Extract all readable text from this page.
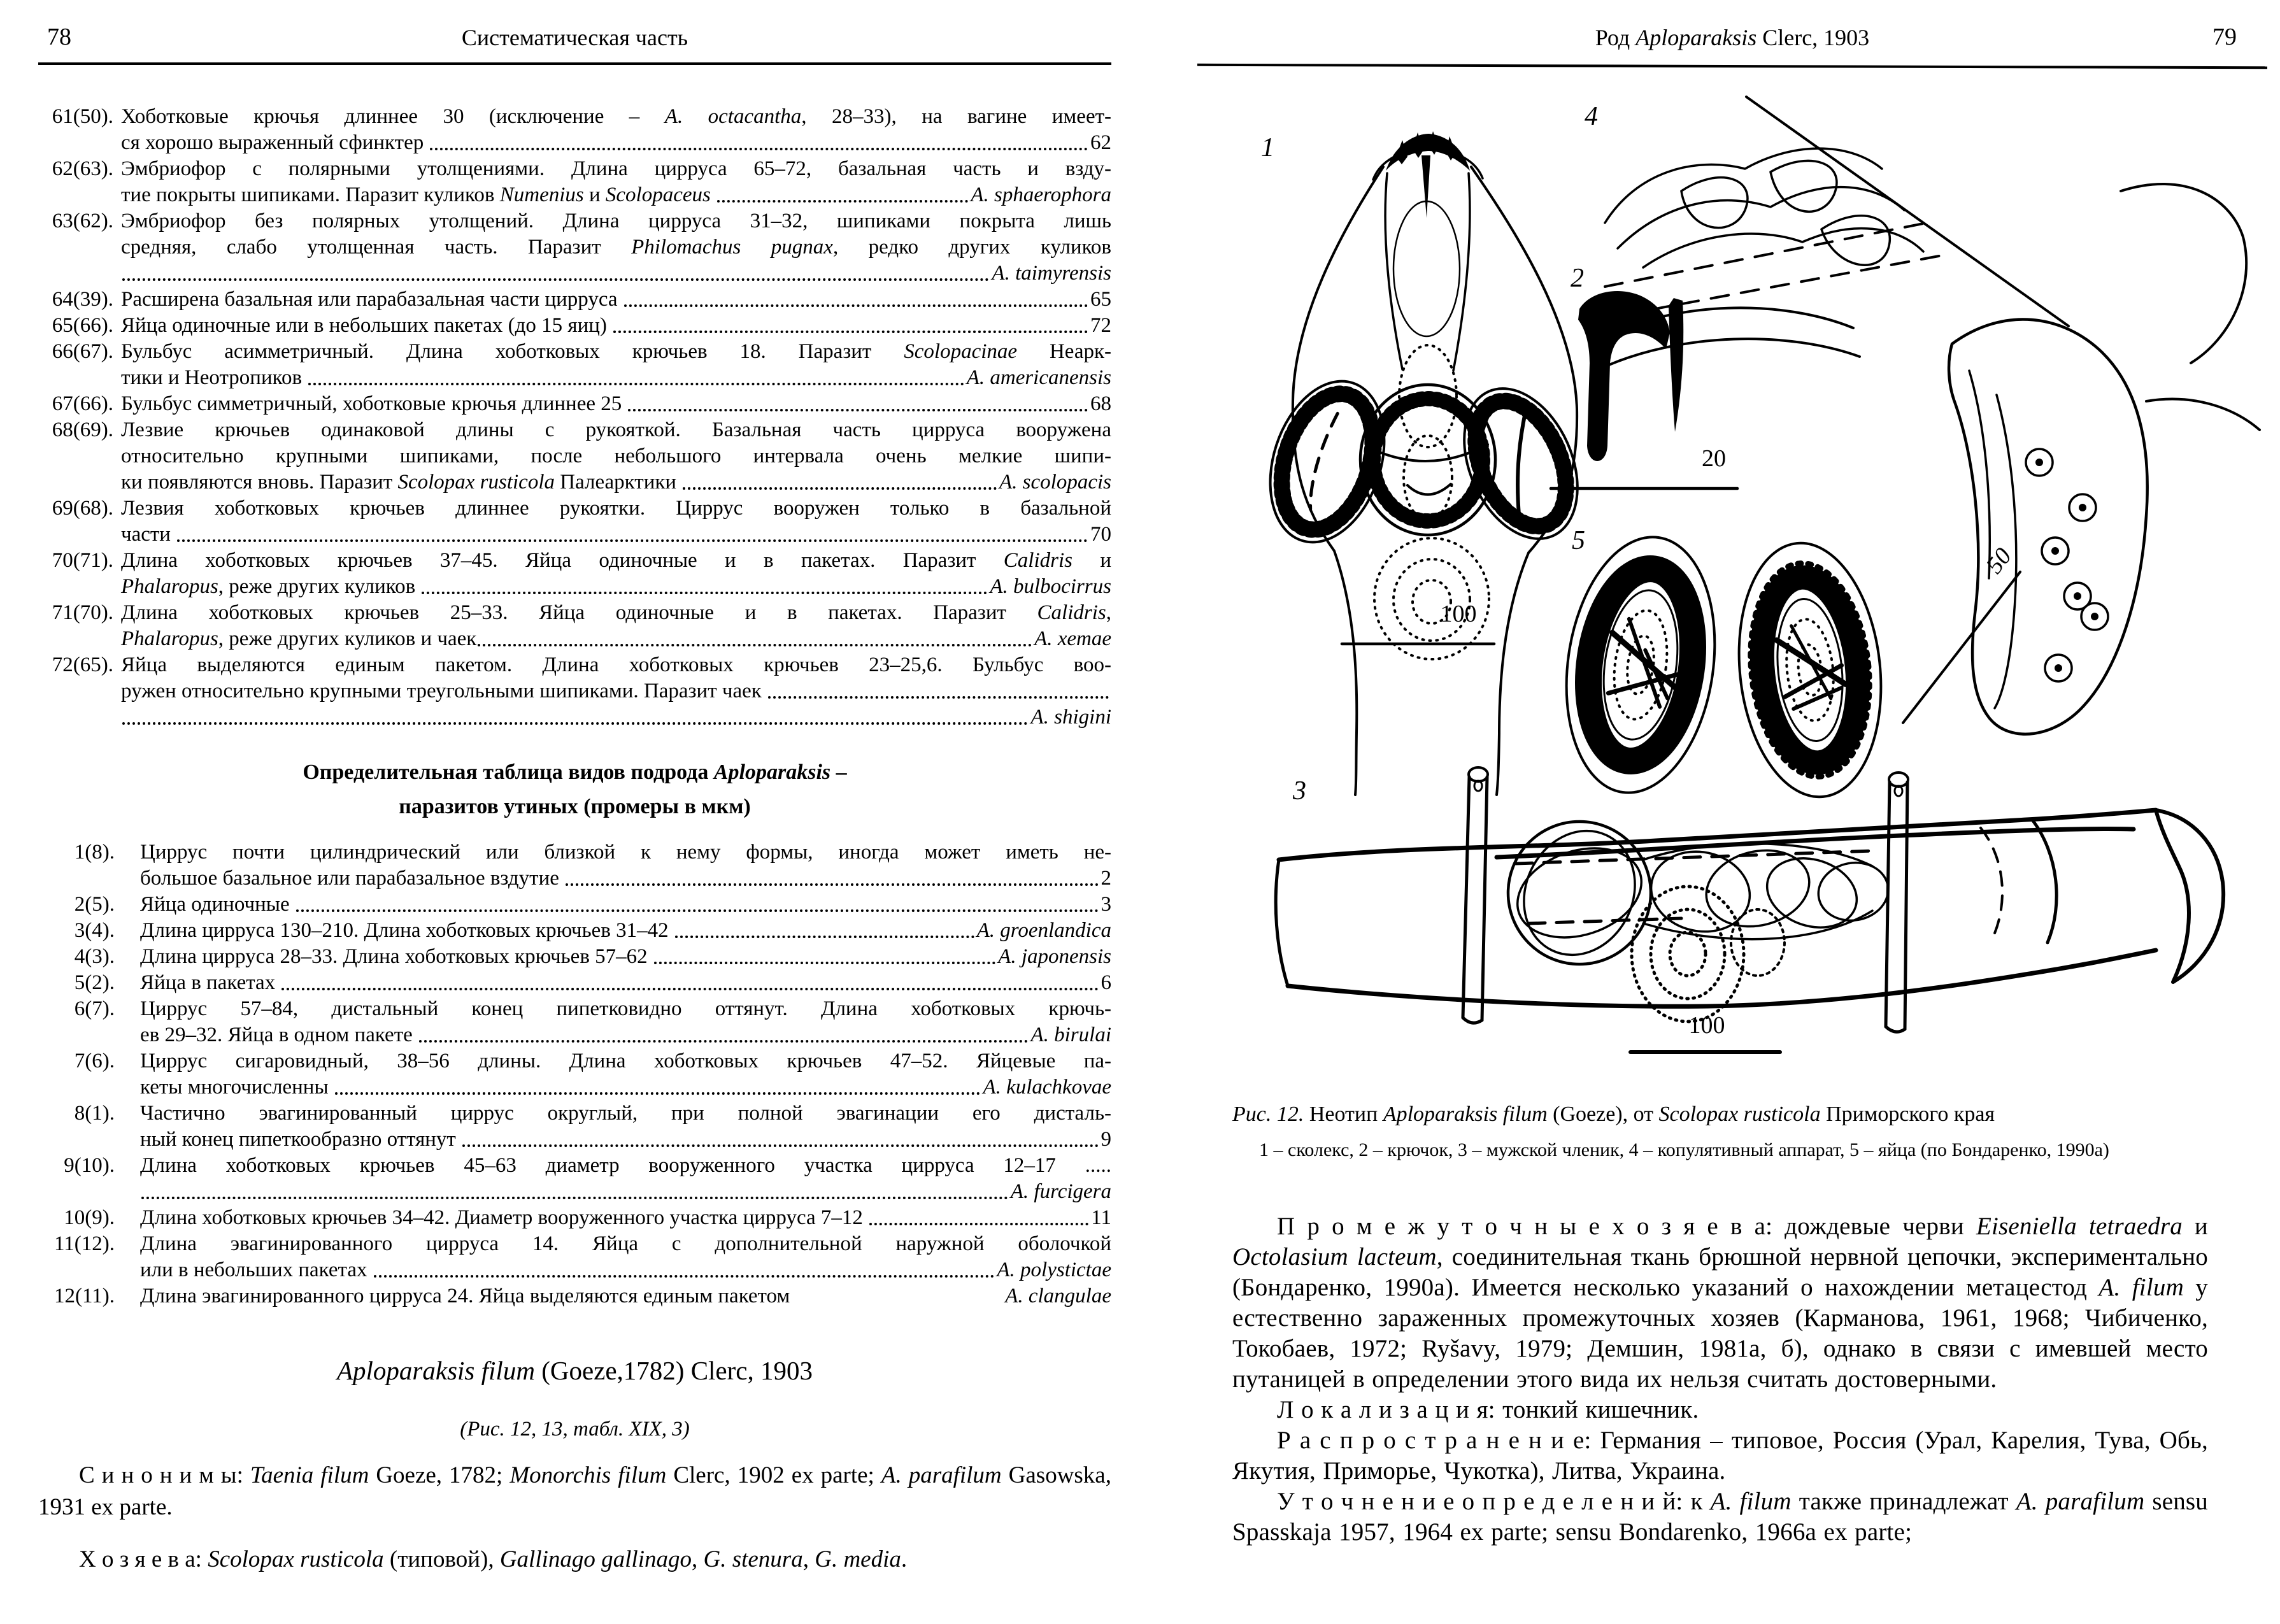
78	Систематическая часть
61(50). Хоботковые крючья длиннее 30 (исключение – A. octacantha, 28–33), на вагине имеет-
ся хорошо выраженный сфинктер	62
62(63). Эмбриофор с полярными утолщениями. Длина цирруса 65–72, базальная часть и взду-
тие покрыты шипиками. Паразит куликов Numenius и Scolopaceus	A. sphaerophora
63(62). Эмбриофор без полярных утолщений. Длина цирруса 31–32, шипиками покрыта лишь
средняя, слабо утолщенная часть. Паразит Philomachus pugnax, редко других куликов
A. taimyrensis
64(39). Расширена базальная или парабазальная части цирруса	65
65(66). Яйца одиночные или в небольших пакетах (до 15 яиц)	72
66(67). Бульбус асимметричный. Длина хоботковых крючьев 18. Паразит Scolopacinae Неарк-
тики и Неотропиков	A. americanensis
67(66). Бульбус симметричный, хоботковые крючья длиннее 25	68
68(69). Лезвие крючьев одинаковой длины с рукояткой. Базальная часть цирруса вооружена
относительно крупными шипиками, после небольшого интервала очень мелкие шипи-
ки появляются вновь. Паразит Scolopax rusticola Палеарктики	A. scolopacis
69(68). Лезвия хоботковых крючьев длиннее рукоятки. Циррус вооружен только в базальной
части	70
70(71). Длина хоботковых крючьев 37–45. Яйца одиночные и в пакетах. Паразит Calidris и
Phalaropus, реже других куликов	A. bulbocirrus
71(70). Длина хоботковых крючьев 25–33. Яйца одиночные и в пакетах. Паразит Calidris,
Phalaropus, реже других куликов и чаек	A. xemae
72(65). Яйца выделяются единым пакетом. Длина хоботковых крючьев 23–25,6. Бульбус воо-
ружен относительно крупными треугольными шипиками. Паразит чаек
A. shigini
Определительная таблица видов подрода Aploparaksis –
паразитов утиных (промеры в мкм)
1(8). Циррус почти цилиндрический или близкой к нему формы, иногда может иметь не-
большое базальное или парабазальное вздутие	2
2(5). Яйца одиночные	3
3(4). Длина цирруса 130–210. Длина хоботковых крючьев 31–42	A. groenlandica
4(3). Длина цирруса 28–33. Длина хоботковых крючьев 57–62	A. japonensis
5(2). Яйца в пакетах	6
6(7). Циррус 57–84, дистальный конец пипетковидно оттянут. Длина хоботковых крючь-
ев 29–32. Яйца в одном пакете	A. birulai
7(6). Циррус сигаровидный, 38–56 длины. Длина хоботковых крючьев 47–52. Яйцевые па-
кеты многочисленны	A. kulachkovae
8(1). Частично эвагинированный циррус округлый, при полной эвагинации его дисталь-
ный конец пипеткообразно оттянут	9
9(10). Длина хоботковых крючьев 45–63 диаметр вооруженного участка цирруса 12–17 .....
A. furcigera
10(9). Длина хоботковых крючьев 34–42. Диаметр вооруженного участка цирруса 7–12	11
11(12). Длина эвагинированного цирруса 14. Яйца с дополнительной наружной оболочкой
или в небольших пакетах	A. polystictae
12(11). Длина эвагинированного цирруса 24. Яйца выделяются единым пакетом	A. clangulae
Aploparaksis filum (Goeze,1782) Clerc, 1903
(Рис. 12, 13, табл. XIX, 3)
С и н о н и м ы: Taenia filum Goeze, 1782; Monorchis filum Clerc, 1902 ex parte; A. parafilum Gasowska, 1931 ex parte.
Х о з я е в а: Scolopax rusticola (типовой), Gallinago gallinago, G. stenura, G. media.
79
Род Aploparaksis Clerc, 1903
1
100
4
50
2
20
5
3
100
Рис. 12. Неотип Aploparaksis filum (Goeze), от Scolopax rusticola Приморского края
1 – сколекс, 2 – крючок, 3 – мужской членик, 4 – копулятивный аппарат, 5 – яйца (по Бондаренко, 1990а)

П р о м е ж у т о ч н ы е х о з я е в а: дождевые черви Eiseniella tetraedra и Octolasium lacteum, соединительная ткань брюшной нервной цепочки, экспериментально (Бондаренко, 1990а). Имеется несколько указаний о нахождении метацестод A. filum у естественно зараженных промежуточных хозяев (Карманова, 1961, 1968; Чибиченко, Токобаев, 1972; Ryšavy, 1979; Демшин, 1981а, б), однако в связи с имевшей место путаницей в определении этого вида их нельзя считать достоверными.

Л о к а л и з а ц и я: тонкий кишечник.

Р а с п р о с т р а н е н и е: Германия – типовое, Россия (Урал, Карелия, Тува, Обь, Якутия, Приморье, Чукотка), Литва, Украина.

У т о ч н е н и е о п р е д е л е н и й: к A. filum также принадлежат A. parafilum sensu Spasskaja 1957, 1964 ex parte; sensu Bondarenko, 1966a ex parte;
